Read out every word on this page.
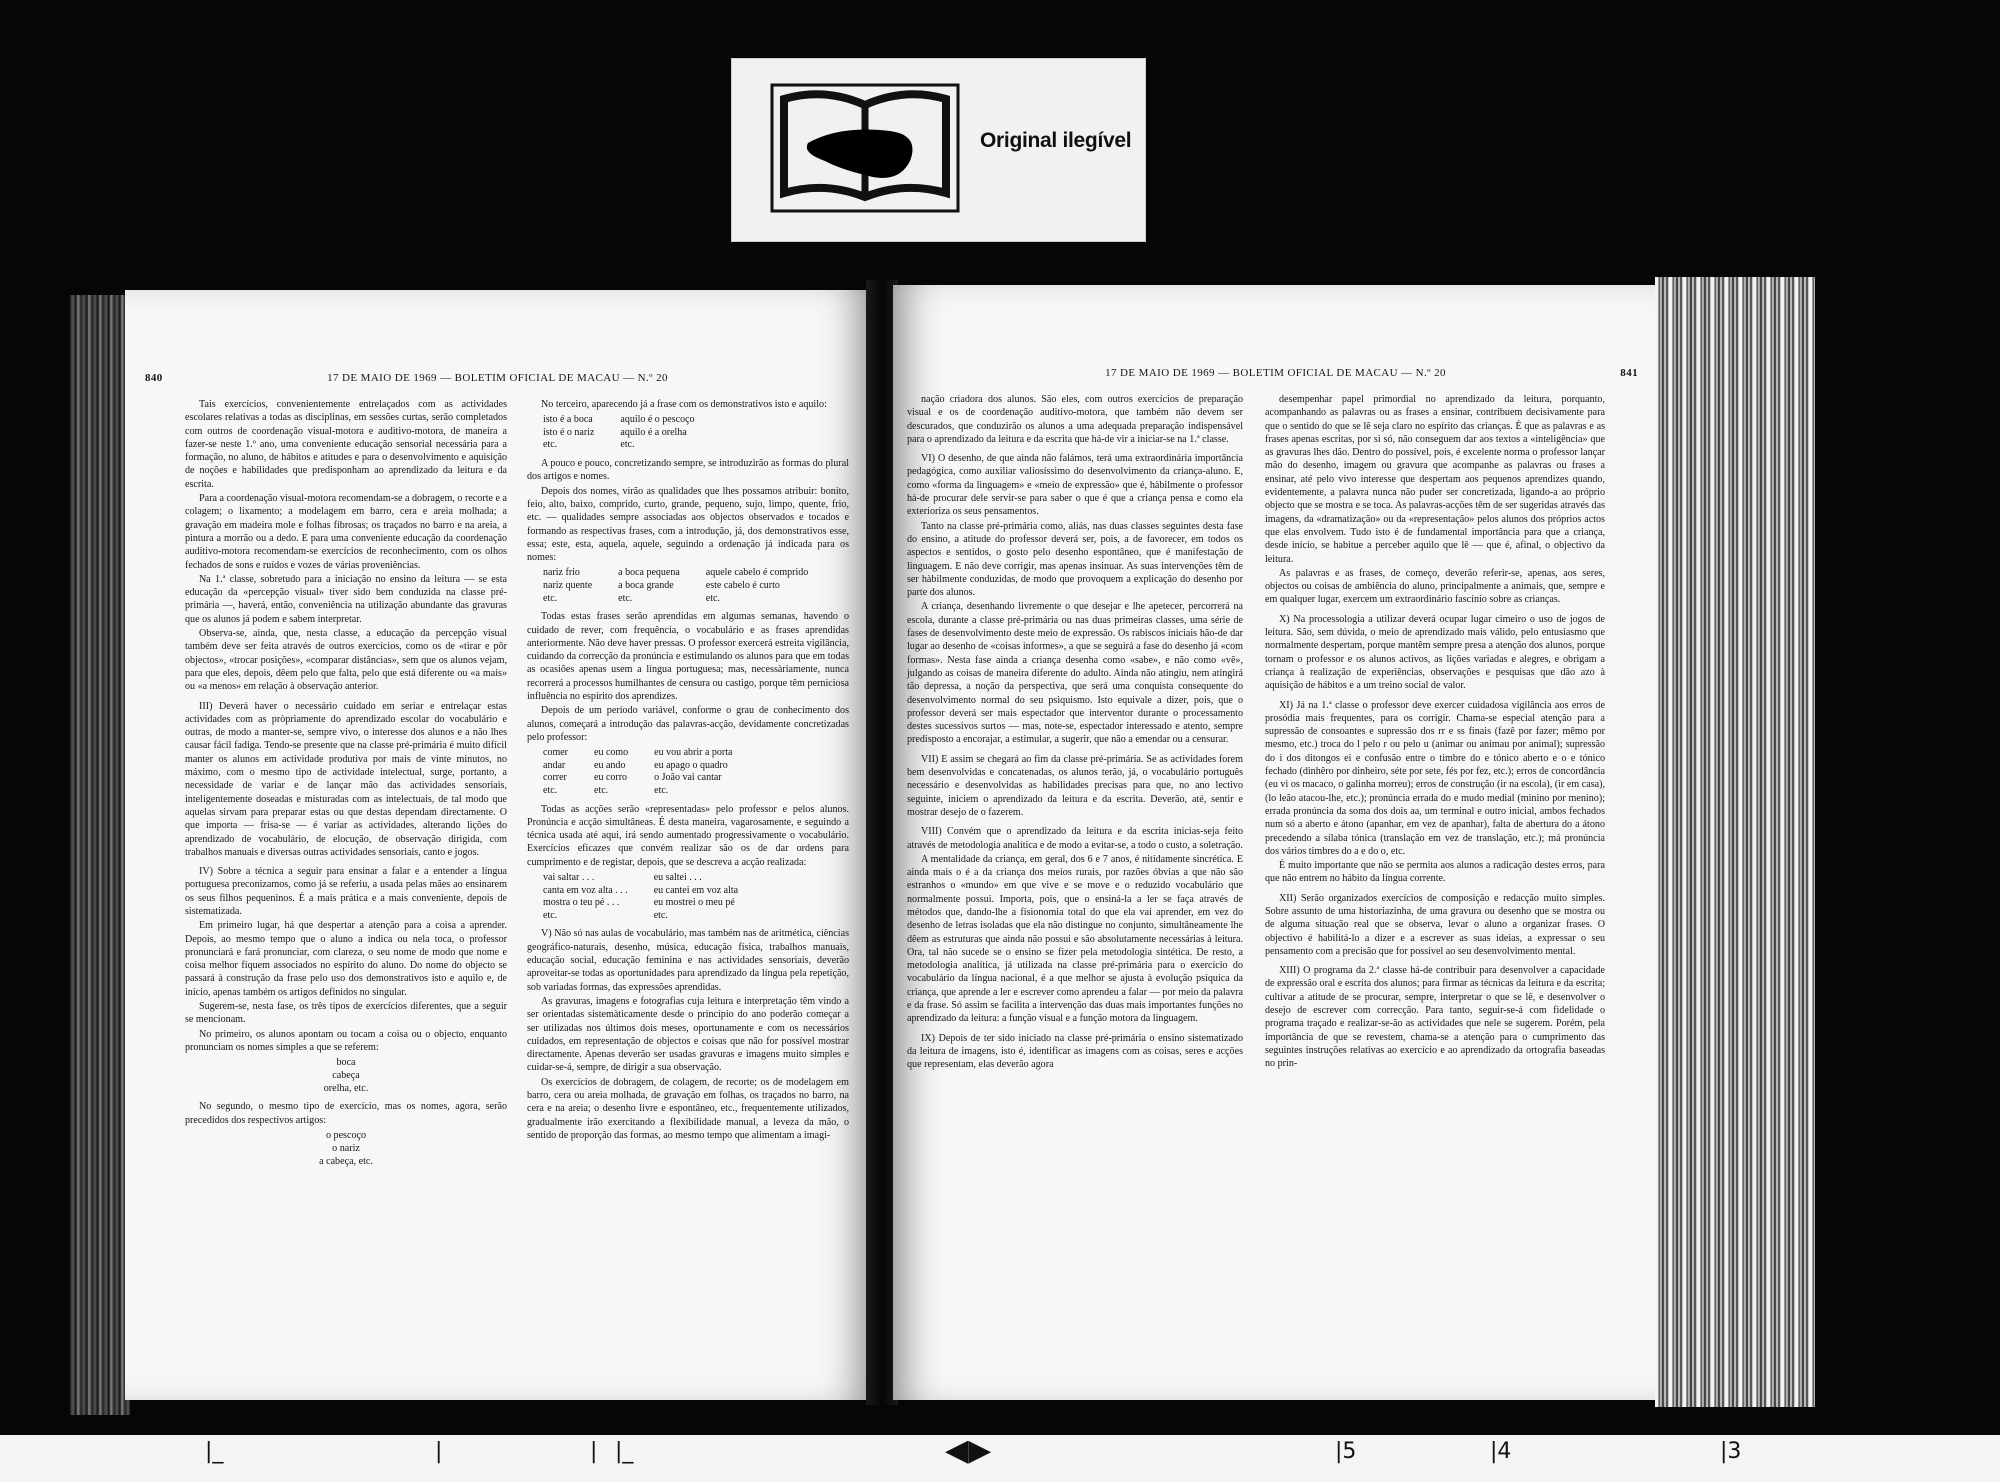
Original ilegível
840	17 DE MAIO DE 1969 — BOLETIM OFICIAL DE MACAU — N.º 20

Tais exercícios, convenientemente entrelaçados com as actividades escolares relativas a todas as disciplinas, em sessões curtas, serão completados com outros de coordenação visual-motora e auditivo-motora, de maneira a fazer-se neste 1.º ano, uma conveniente educação sensorial necessária para a formação, no aluno, de hábitos e atitudes e para o desenvolvimento e aquisição de noções e habilidades que predisponham ao aprendizado da leitura e da escrita.

Para a coordenação visual-motora recomendam-se a dobragem, o recorte e a colagem; o lixamento; a modelagem em barro, cera e areia molhada; a gravação em madeira mole e folhas fibrosas; os traçados no barro e na areia, a pintura a morrão ou a dedo. E para uma conveniente educação da coordenação auditivo-motora recomendam-se exercícios de reconhecimento, com os olhos fechados de sons e ruídos e vozes de várias proveniências.

Na 1.ª classe, sobretudo para a iniciação no ensino da leitura — se esta educação da «percepção visual» tiver sido bem conduzida na classe pré-primária —, haverá, então, conveniência na utilização abundante das gravuras que os alunos já podem e sabem interpretar.

Observa-se, ainda, que, nesta classe, a educação da percepção visual também deve ser feita através de outros exercícios, como os de «tirar e pôr objectos», «trocar posições», «comparar distâncias», sem que os alunos vejam, para que eles, depois, dêem pelo que falta, pelo que está diferente ou «a mais» ou «a menos» em relação à observação anterior.

III) Deverá haver o necessário cuidado em seriar e entrelaçar estas actividades com as pròpriamente do aprendizado escolar do vocabulário e outras, de modo a manter-se, sempre vivo, o interesse dos alunos e a não lhes causar fácil fadiga. Tendo-se presente que na classe pré-primária é muito difícil manter os alunos em actividade produtiva por mais de vinte minutos, no máximo, com o mesmo tipo de actividade intelectual, surge, portanto, a necessidade de variar e de lançar mão das actividades sensoriais, inteligentemente doseadas e misturadas com as intelectuais, de tal modo que aquelas sirvam para preparar estas ou que destas dependam directamente. O que importa — frisa-se — é variar as actividades, alterando lições do aprendizado de vocabulário, de elocução, de observação dirigida, com trabalhos manuais e diversas outras actividades sensoriais, canto e jogos.

IV) Sobre a técnica a seguir para ensinar a falar e a entender a língua portuguesa preconizamos, como já se referiu, a usada pelas mães ao ensinarem os seus filhos pequeninos. É a mais prática e a mais conveniente, depois de sistematizada.

Em primeiro lugar, há que despertar a atenção para a coisa a aprender. Depois, ao mesmo tempo que o aluno a indica ou nela toca, o professor pronunciará e fará pronunciar, com clareza, o seu nome de modo que nome e coisa melhor fiquem associados no espírito do aluno. Do nome do objecto se passará à construção da frase pelo uso dos demonstrativos isto e aquilo e, de início, apenas também os artigos definidos no singular.

Sugerem-se, nesta fase, os três tipos de exercícios diferentes, que a seguir se mencionam.

No primeiro, os alunos apontam ou tocam a coisa ou o objecto, enquanto pronunciam os nomes simples a que se referem:

boca
cabeça
orelha, etc.

No segundo, o mesmo tipo de exercício, mas os nomes, agora, serão precedidos dos respectivos artigos:

o pescoço
o nariz
a cabeça, etc.

No terceiro, aparecendo já a frase com os demonstrativos isto e aquilo:

isto é a boca	aquilo é o pescoço
isto é o nariz	aquilo é a orelha
etc.	etc.

A pouco e pouco, concretizando sempre, se introduzirão as formas do plural dos artigos e nomes.

Depois dos nomes, virão as qualidades que lhes possamos atribuir: bonito, feio, alto, baixo, comprido, curto, grande, pequeno, sujo, limpo, quente, frio, etc. — qualidades sempre associadas aos objectos observados e tocados e formando as respectivas frases, com a introdução, já, dos demonstrativos esse, essa; este, esta, aquela, aquele, seguindo a ordenação já indicada para os nomes:

nariz frio	a boca pequena	aquele cabelo é comprido
nariz quente	a boca grande	este cabelo é curto
etc.	etc.	etc.

Todas estas frases serão aprendidas em algumas semanas, havendo o cuidado de rever, com frequência, o vocabulário e as frases aprendidas anteriormente. Não deve haver pressas. O professor exercerá estreita vigilância, cuidando da correcção da pronúncia e estimulando os alunos para que em todas as ocasiões apenas usem a língua portuguesa; mas, necessàriamente, nunca recorrerá a processos humilhantes de censura ou castigo, porque têm perniciosa influência no espírito dos aprendizes.

Depois de um período variável, conforme o grau de conhecimento dos alunos, começará a introdução das palavras-acção, devidamente concretizadas pelo professor:

comer	eu como	eu vou abrir a porta
andar	eu ando	eu apago o quadro
correr	eu corro	o João vai cantar
etc.	etc.	etc.

Todas as acções serão «representadas» pelo professor e pelos alunos. Pronúncia e acção simultâneas. É desta maneira, vagarosamente, e seguindo a técnica usada até aqui, irá sendo aumentado progressivamente o vocabulário. Exercícios eficazes que convém realizar são os de dar ordens para cumprimento e de registar, depois, que se descreva a acção realizada:

vai saltar . . .	eu saltei . . .
canta em voz alta . . .	eu cantei em voz alta
mostra o teu pé . . .	eu mostrei o meu pé
etc.	etc.

V) Não só nas aulas de vocabulário, mas também nas de aritmética, ciências geográfico-naturais, desenho, música, educação física, trabalhos manuais, educação social, educação feminina e nas actividades sensoriais, deverão aproveitar-se todas as oportunidades para aprendizado da língua pela repetição, sob variadas formas, das expressões aprendidas.

As gravuras, imagens e fotografias cuja leitura e interpretação têm vindo a ser orientadas sistemàticamente desde o princípio do ano poderão começar a ser utilizadas nos últimos dois meses, oportunamente e com os necessários cuidados, em representação de objectos e coisas que não for possível mostrar directamente. Apenas deverão ser usadas gravuras e imagens muito simples e cuidar-se-á, sempre, de dirigir a sua observação.

Os exercícios de dobragem, de colagem, de recorte; os de modelagem em barro, cera ou areia molhada, de gravação em folhas, os traçados no barro, na cera e na areia; o desenho livre e espontâneo, etc., frequentemente utilizados, gradualmente irão exercitando a flexibilidade manual, a leveza da mão, o sentido de proporção das formas, ao mesmo tempo que alimentam a imagi-

17 DE MAIO DE 1969 — BOLETIM OFICIAL DE MACAU — N.º 20	841

nação criadora dos alunos. São eles, com outros exercícios de preparação visual e os de coordenação auditivo-motora, que também não devem ser descurados, que conduzirão os alunos a uma adequada preparação indispensável para o aprendizado da leitura e da escrita que há-de vir a iniciar-se na 1.ª classe.

VI) O desenho, de que ainda não falámos, terá uma extraordinária importância pedagógica, como auxiliar valiosíssimo do desenvolvimento da criança-aluno. E, como «forma da linguagem» e «meio de expressão» que é, hàbilmente o professor há-de procurar dele servir-se para saber o que é que a criança pensa e como ela exterioriza os seus pensamentos.

Tanto na classe pré-primária como, aliás, nas duas classes seguintes desta fase do ensino, a atitude do professor deverá ser, pois, a de favorecer, em todos os aspectos e sentidos, o gosto pelo desenho espontâneo, que é manifestação de linguagem. E não deve corrigir, mas apenas insinuar. As suas intervenções têm de ser hàbilmente conduzidas, de modo que provoquem a explicação do desenho por parte dos alunos.

A criança, desenhando livremente o que desejar e lhe apetecer, percorrerá na escola, durante a classe pré-primária ou nas duas primeiras classes, uma série de fases de desenvolvimento deste meio de expressão. Os rabiscos iniciais hão-de dar lugar ao desenho de «coisas informes», a que se seguirá a fase do desenho já «com formas». Nesta fase ainda a criança desenha como «sabe», e não como «vê», julgando as coisas de maneira diferente do adulto. Ainda não atingiu, nem atingirá tão depressa, a noção da perspectiva, que será uma conquista consequente do desenvolvimento normal do seu psiquismo. Isto equivale a dizer, pois, que o professor deverá ser mais espectador que interventor durante o processamento destes sucessivos surtos — mas, note-se, espectador interessado e atento, sempre predisposto a encorajar, a estimular, a sugerir, que não a emendar ou a censurar.

VII) E assim se chegará ao fim da classe pré-primária. Se as actividades forem bem desenvolvidas e concatenadas, os alunos terão, já, o vocabulário português necessário e desenvolvidas as habilidades precisas para que, no ano lectivo seguinte, iniciem o aprendizado da leitura e da escrita. Deverão, até, sentir e mostrar desejo de o fazerem.

VIII) Convém que o aprendizado da leitura e da escrita inicias-seja feito através de metodologia analítica e de modo a evitar-se, a todo o custo, a soletração.

A mentalidade da criança, em geral, dos 6 e 7 anos, é nitidamente sincrética. E ainda mais o é a da criança dos meios rurais, por razões óbvias a que não são estranhos o «mundo» em que vive e se move e o reduzido vocabulário que normalmente possui. Importa, pois, que o ensiná-la a ler se faça através de métodos que, dando-lhe a fisionomia total do que ela vai aprender, em vez do desenho de letras isoladas que ela não distingue no conjunto, simultâneamente lhe dêem as estruturas que ainda não possui e são absolutamente necessárias à leitura. Ora, tal não sucede se o ensino se fizer pela metodologia sintética. De resto, a metodologia analítica, já utilizada na classe pré-primária para o exercício do vocabulário da língua nacional, é a que melhor se ajusta à evolução psíquica da criança, que aprende a ler e escrever como aprendeu a falar — por meio da palavra e da frase. Só assim se facilita a intervenção das duas mais importantes funções no aprendizado da leitura: a função visual e a função motora da linguagem.

IX) Depois de ter sido iniciado na classe pré-primária o ensino sistematizado da leitura de imagens, isto é, identificar as imagens com as coisas, seres e acções que representam, elas deverão agora

desempenhar papel primordial no aprendizado da leitura, porquanto, acompanhando as palavras ou as frases a ensinar, contribuem decisivamente para que o sentido do que se lê seja claro no espírito das crianças. É que as palavras e as frases apenas escritas, por si só, não conseguem dar aos textos a «inteligência» que as gravuras lhes dão. Dentro do possível, pois, é excelente norma o professor lançar mão do desenho, imagem ou gravura que acompanhe as palavras ou frases a ensinar, até pelo vivo interesse que despertam aos pequenos aprendizes quando, evidentemente, a palavra nunca não puder ser concretizada, ligando-a ao próprio objecto que se mostra e se toca. As palavras-acções têm de ser sugeridas através das imagens, da «dramatização» ou da «representação» pelos alunos dos próprios actos que elas envolvem. Tudo isto é de fundamental importância para que a criança, desde início, se habitue a perceber aquilo que lê — que é, afinal, o objectivo da leitura.

As palavras e as frases, de começo, deverão referir-se, apenas, aos seres, objectos ou coisas de ambiência do aluno, principalmente a animais, que, sempre e em qualquer lugar, exercem um extraordinário fascínio sobre as crianças.

X) Na processologia a utilizar deverá ocupar lugar cimeiro o uso de jogos de leitura. São, sem dúvida, o meio de aprendizado mais válido, pelo entusiasmo que normalmente despertam, porque mantêm sempre presa a atenção dos alunos, porque tornam o professor e os alunos activos, as lições variadas e alegres, e obrigam a criança à realização de experiências, observações e pesquisas que dão azo à aquisição de hábitos e a um treino social de valor.

XI) Já na 1.ª classe o professor deve exercer cuidadosa vigilância aos erros de prosódia mais frequentes, para os corrigir. Chama-se especial atenção para a supressão de consoantes e supressão dos rr e ss finais (fazê por fazer; mêmo por mesmo, etc.) troca do l pelo r ou pelo u (animar ou animau por animal); supressão do i dos ditongos ei e confusão entre o timbre do e tónico aberto e o e tónico fechado (dinhêro por dinheiro, séte por sete, fés por fez, etc.); erros de concordância (eu vi os macaco, o galinha morreu); erros de construção (ir na escola), (ir em casa), (lo leão atacou-lhe, etc.); pronúncia errada do e mudo medial (minino por menino); errada pronúncia da soma dos dois aa, um terminal e outro inicial, ambos fechados num só a aberto e átono (apanhar, em vez de apanhar), falta de abertura do a átono precedendo a sílaba tónica (translação em vez de translação, etc.); má pronúncia dos vários timbres do a e do o, etc.

É muito importante que não se permita aos alunos a radicação destes erros, para que não entrem no hábito da língua corrente.

XII) Serão organizados exercícios de composição e redacção muito simples. Sobre assunto de uma historiazinha, de uma gravura ou desenho que se mostra ou de alguma situação real que se observa, levar o aluno a organizar frases. O objectivo é habilitá-lo a dizer e a escrever as suas ideias, a expressar o seu pensamento com a precisão que for possível ao seu desenvolvimento mental.

XIII) O programa da 2.ª classe há-de contribuir para desenvolver a capacidade de expressão oral e escrita dos alunos; para firmar as técnicas da leitura e da escrita; cultivar a atitude de se procurar, sempre, interpretar o que se lê, e desenvolver o desejo de escrever com correcção. Para tanto, seguir-se-á com fidelidade o programa traçado e realizar-se-ão as actividades que nele se sugerem. Porém, pela importância de que se revestem, chama-se a atenção para o cumprimento das seguintes instruções relativas ao exercício e ao aprendizado da ortografia baseadas no prin-

|_	|	| |_	◀▶	|5	|4	|3
